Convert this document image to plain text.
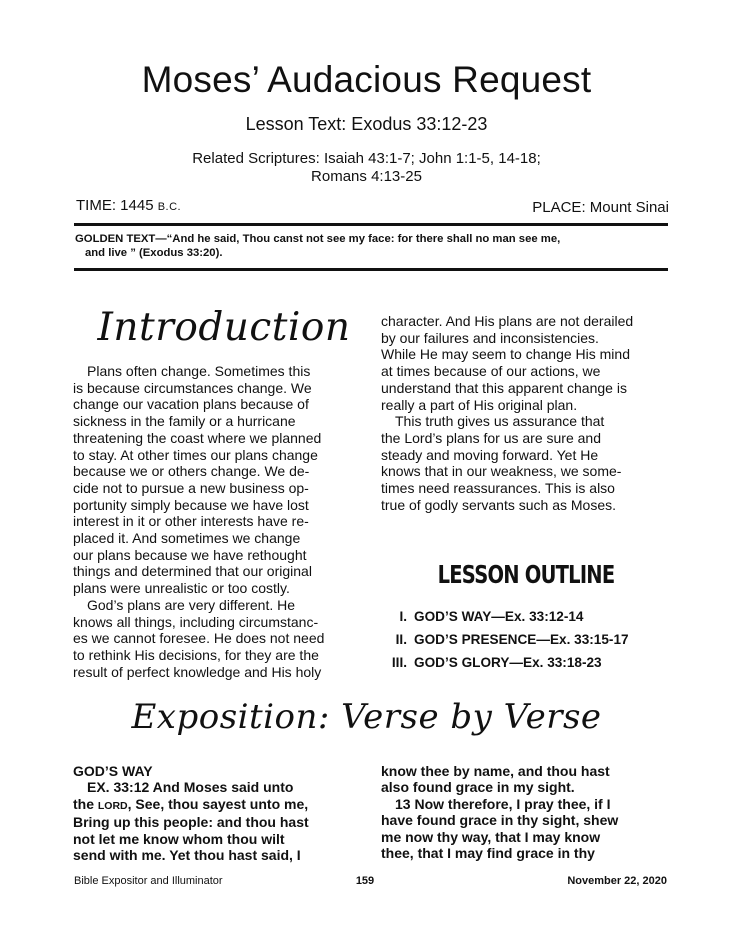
Moses’ Audacious Request
Lesson Text: Exodus 33:12-23
Related Scriptures: Isaiah 43:1-7; John 1:1-5, 14-18;
Romans 4:13-25
TIME: 1445 B.C.	PLACE: Mount Sinai
GOLDEN TEXT—“And he said, Thou canst not see my face: for there shall no man see me,
and live ” (Exodus 33:20).
Introduction
 Plans often change. Sometimes this
is because circumstances change. We
change our vacation plans because of
sickness in the family or a hurricane
threatening the coast where we planned
to stay. At other times our plans change
because we or others change. We de-
cide not to pursue a new business op-
portunity simply because we have lost
interest in it or other interests have re-
placed it. And sometimes we change
our plans because we have rethought
things and determined that our original
plans were unrealistic or too costly.
 God’s plans are very different. He
knows all things, including circumstanc-
es we cannot foresee. He does not need
to rethink His decisions, for they are the
result of perfect knowledge and His holy
character. And His plans are not derailed
by our failures and inconsistencies.
While He may seem to change His mind
at times because of our actions, we
understand that this apparent change is
really a part of His original plan.
 This truth gives us assurance that
the Lord’s plans for us are sure and
steady and moving forward. Yet He
knows that in our weakness, we some-
times need reassurances. This is also
true of godly servants such as Moses.
LESSON OUTLINE
I. GOD’S WAY—Ex. 33:12-14
II. GOD’S PRESENCE—Ex. 33:15-17
III. GOD’S GLORY—Ex. 33:18-23
Exposition: Verse by Verse
GOD’S WAY
 EX. 33:12 And Moses said unto
the LORD, See, thou sayest unto me,
Bring up this people: and thou hast
not let me know whom thou wilt
send with me. Yet thou hast said, I
know thee by name, and thou hast
also found grace in my sight.
 13 Now therefore, I pray thee, if I
have found grace in thy sight, shew
me now thy way, that I may know
thee, that I may find grace in thy
Bible Expositor and Illuminator	159	November 22, 2020
